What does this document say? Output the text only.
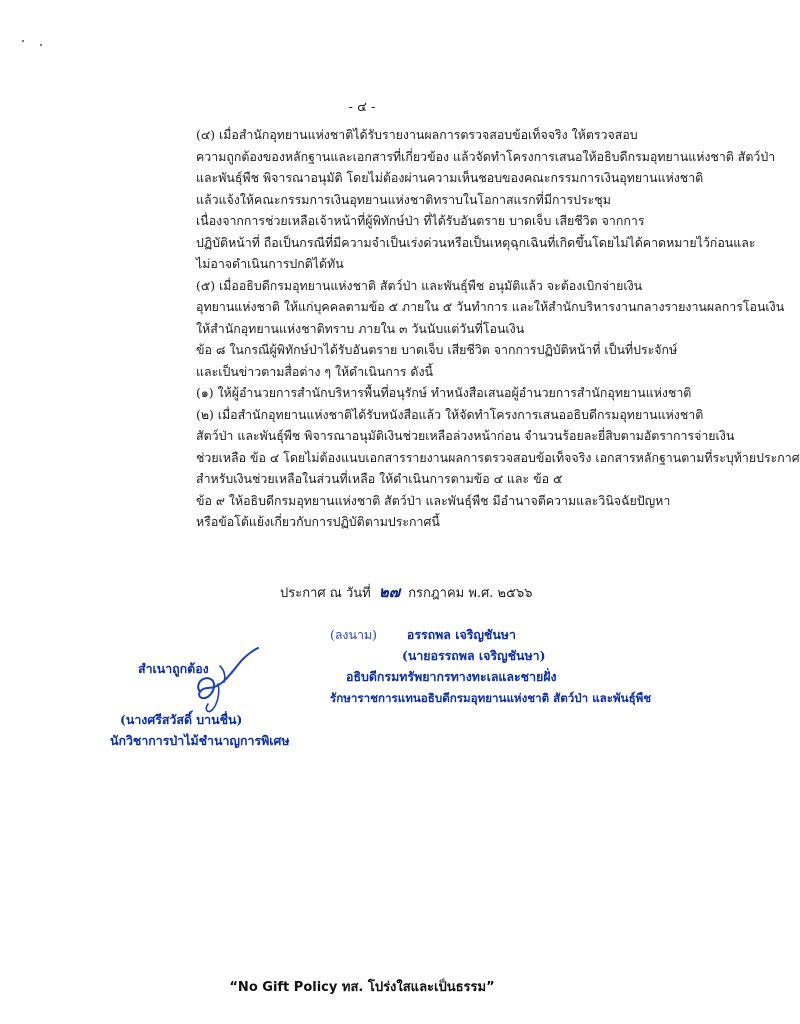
- ๔ -
(๔) เมื่อสำนักอุทยานแห่งชาติได้รับรายงานผลการตรวจสอบข้อเท็จจริง ให้ตรวจสอบ
ความถูกต้องของหลักฐานและเอกสารที่เกี่ยวข้อง แล้วจัดทำโครงการเสนอให้อธิบดีกรมอุทยานแห่งชาติ สัตว์ป่า
และพันธุ์พืช พิจารณาอนุมัติ โดยไม่ต้องผ่านความเห็นชอบของคณะกรรมการเงินอุทยานแห่งชาติ
แล้วแจ้งให้คณะกรรมการเงินอุทยานแห่งชาติทราบในโอกาสแรกที่มีการประชุม
เนื่องจากการช่วยเหลือเจ้าหน้าที่ผู้พิทักษ์ป่า ที่ได้รับอันตราย บาดเจ็บ เสียชีวิต จากการ
ปฏิบัติหน้าที่ ถือเป็นกรณีที่มีความจำเป็นเร่งด่วนหรือเป็นเหตุฉุกเฉินที่เกิดขึ้นโดยไม่ได้คาดหมายไว้ก่อนและ
ไม่อาจดำเนินการปกติได้ทัน
(๕) เมื่ออธิบดีกรมอุทยานแห่งชาติ สัตว์ป่า และพันธุ์พืช อนุมัติแล้ว จะต้องเบิกจ่ายเงิน
อุทยานแห่งชาติ ให้แก่บุคคลตามข้อ ๕ ภายใน ๕ วันทำการ และให้สำนักบริหารงานกลางรายงานผลการโอนเงิน
ให้สำนักอุทยานแห่งชาติทราบ ภายใน ๓ วันนับแต่วันที่โอนเงิน
ข้อ ๘ ในกรณีผู้พิทักษ์ป่าได้รับอันตราย บาดเจ็บ เสียชีวิต จากการปฏิบัติหน้าที่ เป็นที่ประจักษ์
และเป็นข่าวตามสื่อต่าง ๆ ให้ดำเนินการ ดังนี้
(๑) ให้ผู้อำนวยการสำนักบริหารพื้นที่อนุรักษ์ ทำหนังสือเสนอผู้อำนวยการสำนักอุทยานแห่งชาติ
(๒) เมื่อสำนักอุทยานแห่งชาติได้รับหนังสือแล้ว ให้จัดทำโครงการเสนออธิบดีกรมอุทยานแห่งชาติ
สัตว์ป่า และพันธุ์พืช พิจารณาอนุมัติเงินช่วยเหลือล่วงหน้าก่อน จำนวนร้อยละยี่สิบตามอัตราการจ่ายเงิน
ช่วยเหลือ ข้อ ๔ โดยไม่ต้องแนบเอกสารรายงานผลการตรวจสอบข้อเท็จจริง เอกสารหลักฐานตามที่ระบุท้ายประกาศ
สำหรับเงินช่วยเหลือในส่วนที่เหลือ ให้ดำเนินการตามข้อ ๔ และ ข้อ ๕
ข้อ ๙ ให้อธิบดีกรมอุทยานแห่งชาติ สัตว์ป่า และพันธุ์พืช มีอำนาจตีความและวินิจฉัยปัญหา
หรือข้อโต้แย้งเกี่ยวกับการปฏิบัติตามประกาศนี้
ประกาศ ณ วันที่ ๒๗ กรกฎาคม พ.ศ. ๒๕๖๖
(ลงนาม) อรรถพล เจริญชันษา
(นายอรรถพล เจริญชันษา)
อธิบดีกรมทรัพยากรทางทะเลและชายฝั่ง
รักษาราชการแทนอธิบดีกรมอุทยานแห่งชาติ สัตว์ป่า และพันธุ์พืช
สำเนาถูกต้อง
(นางศรีสวัสดิ์ บานชื่น)
นักวิชาการป่าไม้ชำนาญการพิเศษ
“No Gift Policy ทส. โปร่งใสและเป็นธรรม”
